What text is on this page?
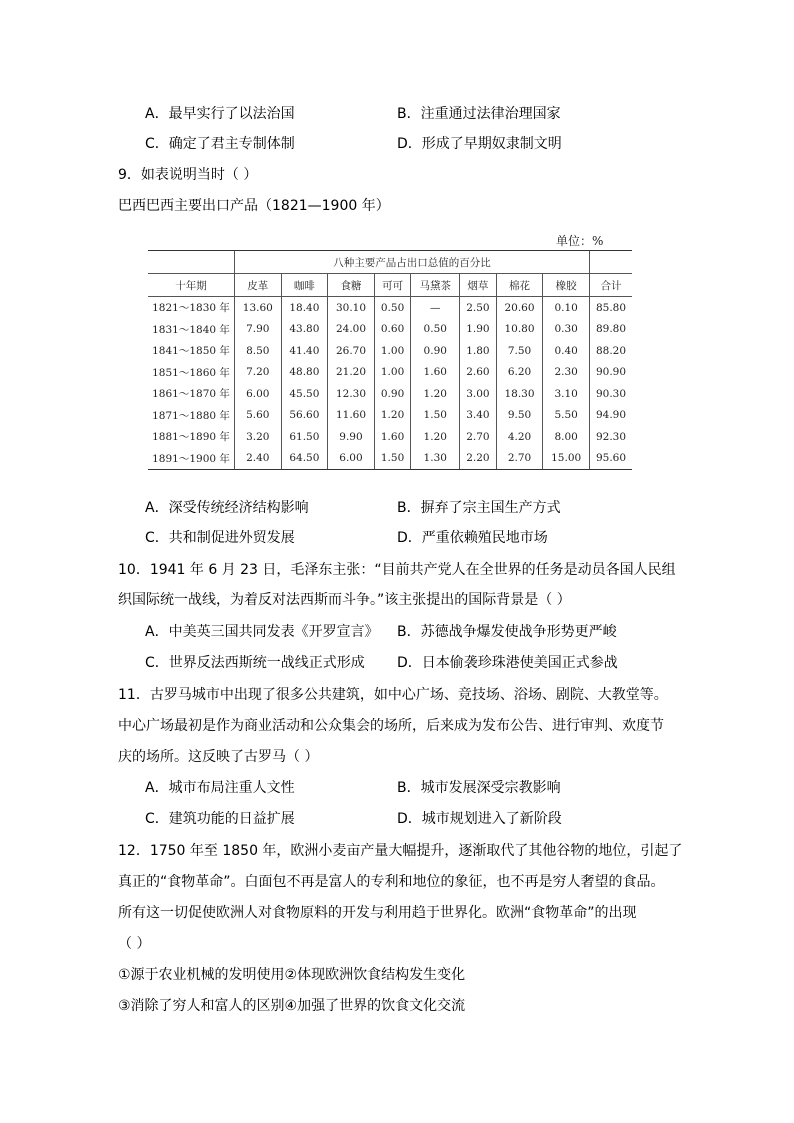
A．最早实行了以法治国	B．注重通过法律治理国家
C．确定了君主专制体制	D．形成了早期奴隶制文明
9．如表说明当时（ ）
巴西巴西主要出口产品（1821—1900 年）
单位：%
	八种主要产品占出口总值的百分比								
十年期	皮革	咖啡	食糖	可可	马黛茶	烟草	棉花	橡胶	合计
1821～1830 年	13.60	18.40	30.10	0.50	—	2.50	20.60	0.10	85.80
1831～1840 年	7.90	43.80	24.00	0.60	0.50	1.90	10.80	0.30	89.80
1841～1850 年	8.50	41.40	26.70	1.00	0.90	1.80	7.50	0.40	88.20
1851～1860 年	7.20	48.80	21.20	1.00	1.60	2.60	6.20	2.30	90.90
1861～1870 年	6.00	45.50	12.30	0.90	1.20	3.00	18.30	3.10	90.30
1871～1880 年	5.60	56.60	11.60	1.20	1.50	3.40	9.50	5.50	94.90
1881～1890 年	3.20	61.50	9.90	1.60	1.20	2.70	4.20	8.00	92.30
1891～1900 年	2.40	64.50	6.00	1.50	1.30	2.20	2.70	15.00	95.60
A．深受传统经济结构影响	B．摒弃了宗主国生产方式
C．共和制促进外贸发展	D．严重依赖殖民地市场
10．1941 年 6 月 23 日，毛泽东主张：“目前共产党人在全世界的任务是动员各国人民组
织国际统一战线，为着反对法西斯而斗争。”该主张提出的国际背景是（ ）
A．中美英三国共同发表《开罗宣言》 B．苏德战争爆发使战争形势更严峻
C．世界反法西斯统一战线正式形成 D．日本偷袭珍珠港使美国正式参战
11．古罗马城市中出现了很多公共建筑，如中心广场、竞技场、浴场、剧院、大教堂等。
中心广场最初是作为商业活动和公众集会的场所，后来成为发布公告、进行审判、欢度节
庆的场所。这反映了古罗马（ ）
A．城市布局注重人文性	B．城市发展深受宗教影响
C．建筑功能的日益扩展	D．城市规划进入了新阶段
12．1750 年至 1850 年，欧洲小麦亩产量大幅提升，逐渐取代了其他谷物的地位，引起了
真正的“食物革命”。白面包不再是富人的专利和地位的象征，也不再是穷人奢望的食品。
所有这一切促使欧洲人对食物原料的开发与利用趋于世界化。欧洲“食物革命”的出现
（ ）
①源于农业机械的发明使用②体现欧洲饮食结构发生变化
③消除了穷人和富人的区别④加强了世界的饮食文化交流
